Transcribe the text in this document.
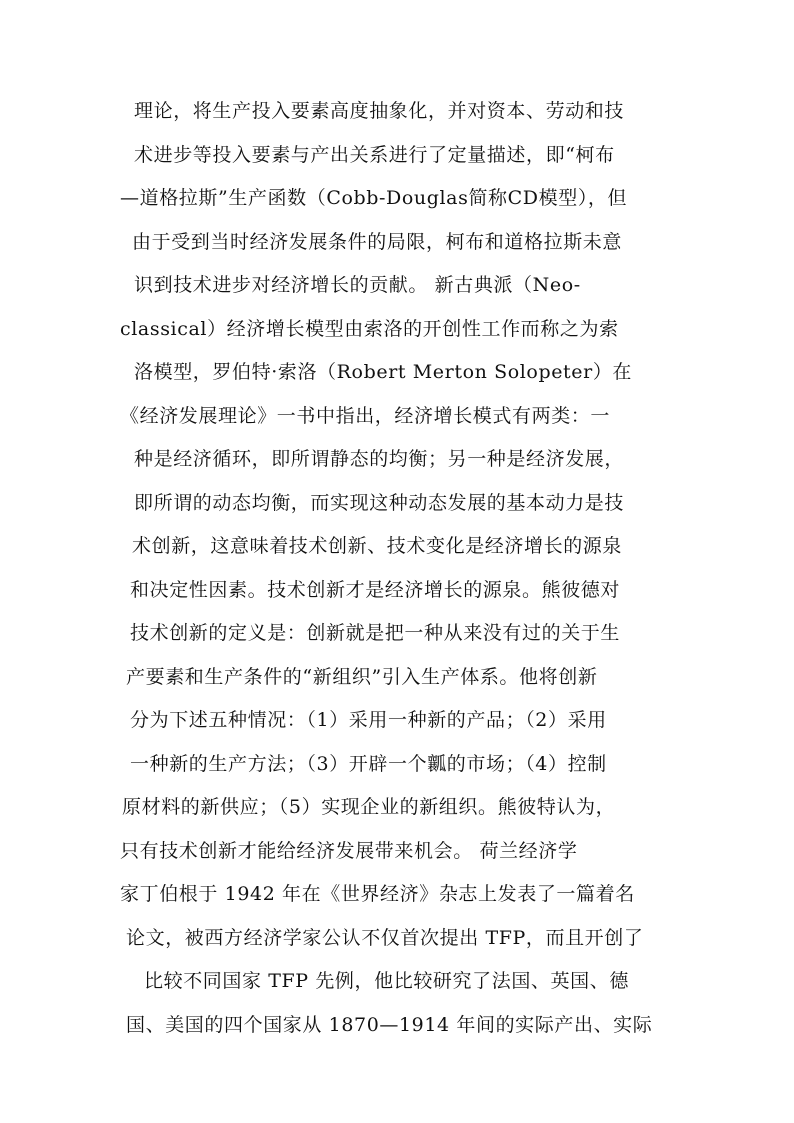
理论，将生产投入要素高度抽象化，并对资本、劳动和技
术进步等投入要素与产出关系进行了定量描述，即“柯布
—道格拉斯”生产函数（Cobb-Douglas简称CD模型），但
由于受到当时经济发展条件的局限，柯布和道格拉斯未意
识到技术进步对经济增长的贡献。 新古典派（Neo-
classical）经济增长模型由索洛的开创性工作而称之为索
洛模型，罗伯特·索洛（Robert Merton Solopeter）在
《经济发展理论》一书中指出，经济增长模式有两类：一
种是经济循环，即所谓静态的均衡；另一种是经济发展，
即所谓的动态均衡，而实现这种动态发展的基本动力是技
术创新，这意味着技术创新、技术变化是经济增长的源泉
和决定性因素。技术创新才是经济增长的源泉。熊彼德对
技术创新的定义是：创新就是把一种从来没有过的关于生
产要素和生产条件的“新组织”引入生产体系。他将创新
分为下述五种情况：（1）采用一种新的产品；（2）采用
一种新的生产方法；（3）开辟一个瓤的市场；（4）控制
原材料的新供应；（5）实现企业的新组织。熊彼特认为，
只有技术创新才能给经济发展带来机会。 荷兰经济学
家丁伯根于 1942 年在《世界经济》杂志上发表了一篇着名
论文，被西方经济学家公认不仅首次提出 TFP，而且开创了
比较不同国家 TFP 先例，他比较研究了法国、英国、德
国、美国的四个国家从 1870—1914 年间的实际产出、实际
